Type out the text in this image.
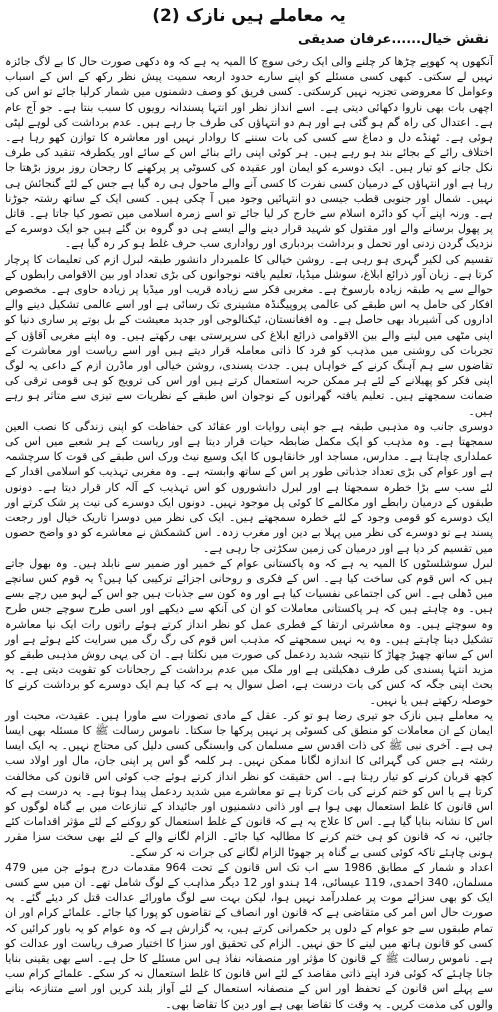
یہ معاملے ہیں نازک (2)
نقش خیال......عرفان صدیقی

آنکھوں پہ کھوپے چڑھا کر چلنے والی ایک رخی سوچ کا المیہ یہ ہے کہ وہ دکھی صورت حال کا بے لاگ جائزہ نہیں لے سکتی۔ کبھی کسی مسئلے کو اپنے سارے حدود اربعہ سمیت پیش نظر رکھ کے اس کے اسباب وعوامل کا معروضی تجزیہ نہیں کرسکتی۔ کسی فریق کو وصف دشمنوں میں شمار کرلیا جائے تو اس کی اچھی بات بھی ناروا دکھائی دیتی ہے۔ اسے انداز نظر اور انتہا پسندانہ رویوں کا سبب بنتا ہے۔ جو آج عام ہے۔ اعتدال کی راہ گم ہو گئی ہے اور ہم دو انتہاؤں کی طرف جا رہے ہیں۔ عدم برداشت کی لوہے لپٹی ہوئی ہے۔ ٹھنڈے دل و دماغ سے کسی کی بات سننے کا روادار نہیں اور معاشرہ کا توازن کھو رہا ہے۔ اختلاف رائے کے بجائے بند ہو رہے ہیں۔ ہر کوئی اپنی رائے بنائے اس کے سائے اور یکطرفہ تنقید کی طرف نکل جانے کو تیار ہیں۔ ایک دوسرے کو ایمان اور عقیدہ کی کسوٹی پر پرکھنے کا رجحان روز بروز بڑھتا جا رہا ہے اور انتہاؤں کے درمیان کسی نفرت کا کسی آنے والے ماحول ہی رہ گیا ہے جس کے لئے گنجائش ہی نہیں۔ شمال اور جنوبی قطب جیسی دو انتہائیں وجود میں آ چکی ہیں۔ کسی ایک کے ساتھ رشتہ جوڑنا ہے۔ ورنہ اپنے آپ کو دائرہ اسلام سے خارج کر لیا جائے تو اسے زمرہ اسلامی میں تصور کیا جاتا ہے۔ قاتل پر پھول برسانے والے اور مقتول کو شہید قرار دینے والے ایسے ہی دو گروہ بن گئے ہیں جو ایک دوسرے کے نزدیک گردن زدنی اور تحمل و برداشت بردباری اور رواداری سب حرف غلط ہو کر رہ گیا ہے۔

تقسیم کی لکیر گہری ہو رہی ہے۔ روشن خیالی کا علمبردار دانشور طبقہ لبرل ازم کی تعلیمات کا پرچار کرتا ہے۔ زبان آور ذرائع ابلاغ، سوشل میڈیا، تعلیم یافتہ نوجوانوں کی بڑی تعداد اور بین الاقوامی رابطوں کے حوالے سے یہ طبقہ زیادہ بارسوخ ہے۔ مغربی فکر سے زیادہ قریب اور میڈیا پر زیادہ حاوی ہے۔ مخصوص افکار کی حامل یہ اس طبقے کی عالمی پروپیگنڈہ مشینری تک رسائی ہے اور اسے عالمی تشکیل دینے والے اداروں کی آشیرباد بھی حاصل ہے۔ وہ افغانستان، ٹیکنالوجی اور جدید معیشت کے بل بوتے پر ساری دنیا کو اپنی مٹھی میں لینے والے بین الاقوامی ذرائع ابلاغ کی سرپرستی بھی رکھتے ہیں۔ وہ اپنے مغربی آقاؤں کے تجربات کی روشنی میں مذہب کو فرد کا ذاتی معاملہ قرار دیتے ہیں اور اسے ریاست اور معاشرت کے تقاضوں سے ہم آہنگ کرنے کے خواہاں ہیں۔ جدت پسندی، روشن خیالی اور ماڈرن ازم کے داعی یہ لوگ اپنی فکر کو پھیلانے کے لئے ہر ممکن حربہ استعمال کرتے ہیں اور اس کی ترویج کو ہی قومی ترقی کی ضمانت سمجھتے ہیں۔ تعلیم یافتہ گھرانوں کے نوجوان اس طبقے کے نظریات سے تیزی سے متاثر ہو رہے ہیں۔

دوسری جانب وہ مذہبی طبقہ ہے جو اپنی روایات اور عقائد کی حفاظت کو اپنی زندگی کا نصب العین سمجھتا ہے۔ وہ مذہب کو ایک مکمل ضابطہ حیات قرار دیتا ہے اور ریاست کے ہر شعبے میں اس کی عملداری چاہتا ہے۔ مدارس، مساجد اور خانقاہوں کا ایک وسیع نیٹ ورک اس طبقے کی قوت کا سرچشمہ ہے اور عوام کی بڑی تعداد جذباتی طور پر اس کے ساتھ وابستہ ہے۔ وہ مغربی تہذیب کو اسلامی اقدار کے لئے سب سے بڑا خطرہ سمجھتا ہے اور لبرل دانشوروں کو اس تہذیب کے آلہ کار قرار دیتا ہے۔ دونوں طبقوں کے درمیان رابطے اور مکالمے کا کوئی پل موجود نہیں۔ دونوں ایک دوسرے کی نیت پر شک کرتے اور ایک دوسرے کو قومی وجود کے لئے خطرہ سمجھتے ہیں۔ ایک کی نظر میں دوسرا تاریک خیال اور رجعت پسند ہے تو دوسرے کی نظر میں پہلا بے دین اور مغرب زدہ۔ اس کشمکش نے معاشرے کو دو واضح حصوں میں تقسیم کر دیا ہے اور درمیان کی زمین سکڑتی جا رہی ہے۔

لبرل سوشلسٹوں کا المیہ یہ ہے کہ وہ پاکستانی عوام کے خمیر اور ضمیر سے نابلد ہیں۔ وہ بھول جاتے ہیں کہ اس قوم کی ساخت کیا ہے۔ اس کے فکری و روحانی اجزائے ترکیبی کیا ہیں؟ یہ قوم کس سانچے میں ڈھلی ہے۔ اس کی اجتماعی نفسیات کیا ہے اور وہ کون سے جذبات ہیں جو اس کے لہو میں رچے بسے ہیں۔ وہ چاہتے ہیں کہ ہر پاکستانی معاملات کو ان کی آنکھ سے دیکھے اور اسی طرح سوچے جس طرح وہ سوچتے ہیں۔ وہ معاشرتی ارتقا کے فطری عمل کو نظر انداز کرتے ہوئے راتوں رات ایک نیا معاشرہ تشکیل دینا چاہتے ہیں۔ وہ یہ نہیں سمجھتے کہ مذہب اس قوم کی رگ رگ میں سرایت کئے ہوئے ہے اور اس کے ساتھ چھیڑ چھاڑ کا نتیجہ شدید ردعمل کی صورت میں نکلتا ہے۔ ان کی یہی روش مذہبی طبقے کو مزید انتہا پسندی کی طرف دھکیلتی ہے اور ملک میں عدم برداشت کے رجحانات کو تقویت دیتی ہے۔ یہ بحث اپنی جگہ کہ کس کی بات درست ہے، اصل سوال یہ ہے کہ کیا ہم ایک دوسرے کو برداشت کرنے کا حوصلہ رکھتے ہیں یا نہیں۔

یہ معاملے ہیں نازک جو تیری رضا ہو تو کر۔ عقل کے مادی تصورات سے ماورا ہیں۔ عقیدت، محبت اور ایمان کے ان معاملات کو منطق کی کسوٹی پر نہیں پرکھا جا سکتا۔ ناموس رسالت ﷺ کا مسئلہ بھی ایسا ہی ہے۔ آخری نبی ﷺ کی ذات اقدس سے مسلمان کی وابستگی کسی دلیل کی محتاج نہیں۔ یہ ایک ایسا رشتہ ہے جس کی گہرائی کا اندازہ لگانا ممکن نہیں۔ ہر کلمہ گو اس پر اپنی جان، مال اور اولاد سب کچھ قربان کرنے کو تیار رہتا ہے۔ اس حقیقت کو نظر انداز کرتے ہوئے جب کوئی اس قانون کی مخالفت کرتا ہے یا اس کو ختم کرنے کی بات کرتا ہے تو معاشرے میں شدید ردعمل پیدا ہوتا ہے۔ یہ درست ہے کہ اس قانون کا غلط استعمال بھی ہوا ہے اور ذاتی دشمنیوں اور جائیداد کے تنازعات میں بے گناہ لوگوں کو اس کا نشانہ بنایا گیا ہے۔ اس کا علاج یہ ہے کہ قانون کے غلط استعمال کو روکنے کے لئے مؤثر اقدامات کئے جائیں، نہ کہ قانون کو ہی ختم کرنے کا مطالبہ کیا جائے۔ الزام لگانے والے کے لئے بھی سخت سزا مقرر ہونی چاہئے تاکہ کوئی کسی بے گناہ پر جھوٹا الزام لگانے کی جرات نہ کر سکے۔

اعداد و شمار کے مطابق 1986 سے اب تک اس قانون کے تحت 964 مقدمات درج ہوئے جن میں 479 مسلمان، 340 احمدی، 119 عیسائی، 14 ہندو اور 12 دیگر مذاہب کے لوگ شامل تھے۔ ان میں سے کسی ایک کو بھی سزائے موت پر عملدرآمد نہیں ہوا، لیکن بہت سے لوگ ماورائے عدالت قتل کر دیئے گئے۔ یہ صورت حال اس امر کی متقاضی ہے کہ قانون اور انصاف کے تقاضوں کو پورا کیا جائے۔ علمائے کرام اور ان تمام طبقوں سے جو عوام کے دلوں پر حکمرانی کرتے ہیں، یہ گزارش ہے کہ وہ عوام کو یہ باور کرائیں کہ کسی کو قانون ہاتھ میں لینے کا حق نہیں۔ الزام کی تحقیق اور سزا کا اختیار صرف ریاست اور عدالت کو ہے۔ ناموس رسالت ﷺ کے قانون کا مؤثر اور منصفانہ نفاذ ہی اس مسئلے کا حل ہے۔ اسے بھی یقینی بنایا جانا چاہئے کہ کوئی فرد اپنے ذاتی مقاصد کے لئے اس قانون کا غلط استعمال نہ کر سکے۔ علمائے کرام سب سے پہلے اس قانون کے تحفظ اور اس کے منصفانہ استعمال کے لئے آواز بلند کریں اور اسے متنازعہ بنانے والوں کی مذمت کریں۔ یہ وقت کا تقاضا بھی ہے اور دین کا تقاضا بھی۔
